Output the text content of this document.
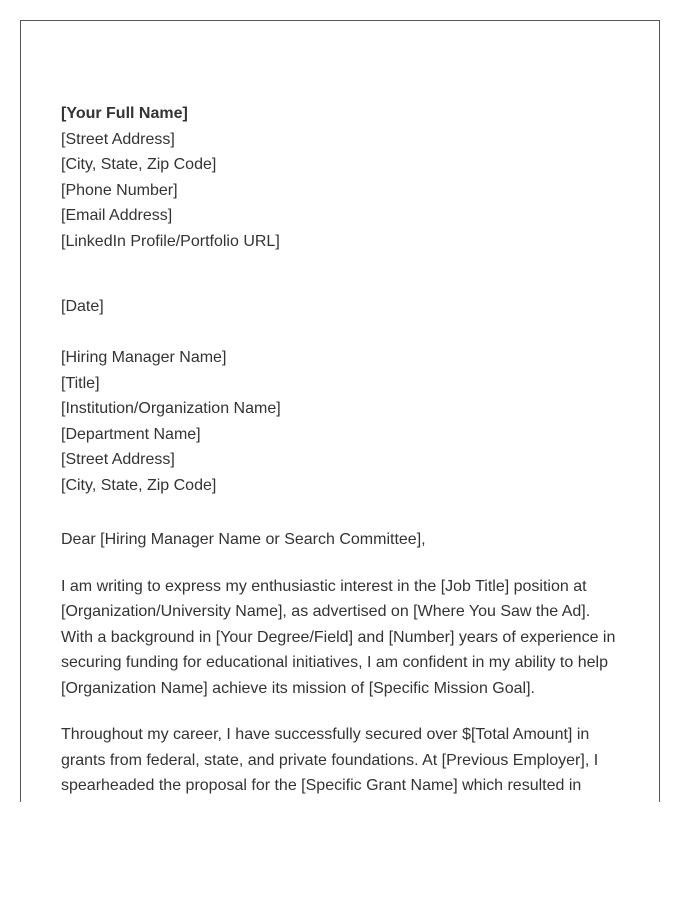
[Your Full Name]
[Street Address]
[City, State, Zip Code]
[Phone Number]
[Email Address]
[LinkedIn Profile/Portfolio URL]
[Date]
[Hiring Manager Name]
[Title]
[Institution/Organization Name]
[Department Name]
[Street Address]
[City, State, Zip Code]
Dear [Hiring Manager Name or Search Committee],

I am writing to express my enthusiastic interest in the [Job Title] position at [Organization/University Name], as advertised on [Where You Saw the Ad]. With a background in [Your Degree/Field] and [Number] years of experience in securing funding for educational initiatives, I am confident in my ability to help [Organization Name] achieve its mission of [Specific Mission Goal].

Throughout my career, I have successfully secured over $[Total Amount] in grants from federal, state, and private foundations. At [Previous Employer], I spearheaded the proposal for the [Specific Grant Name] which resulted in
